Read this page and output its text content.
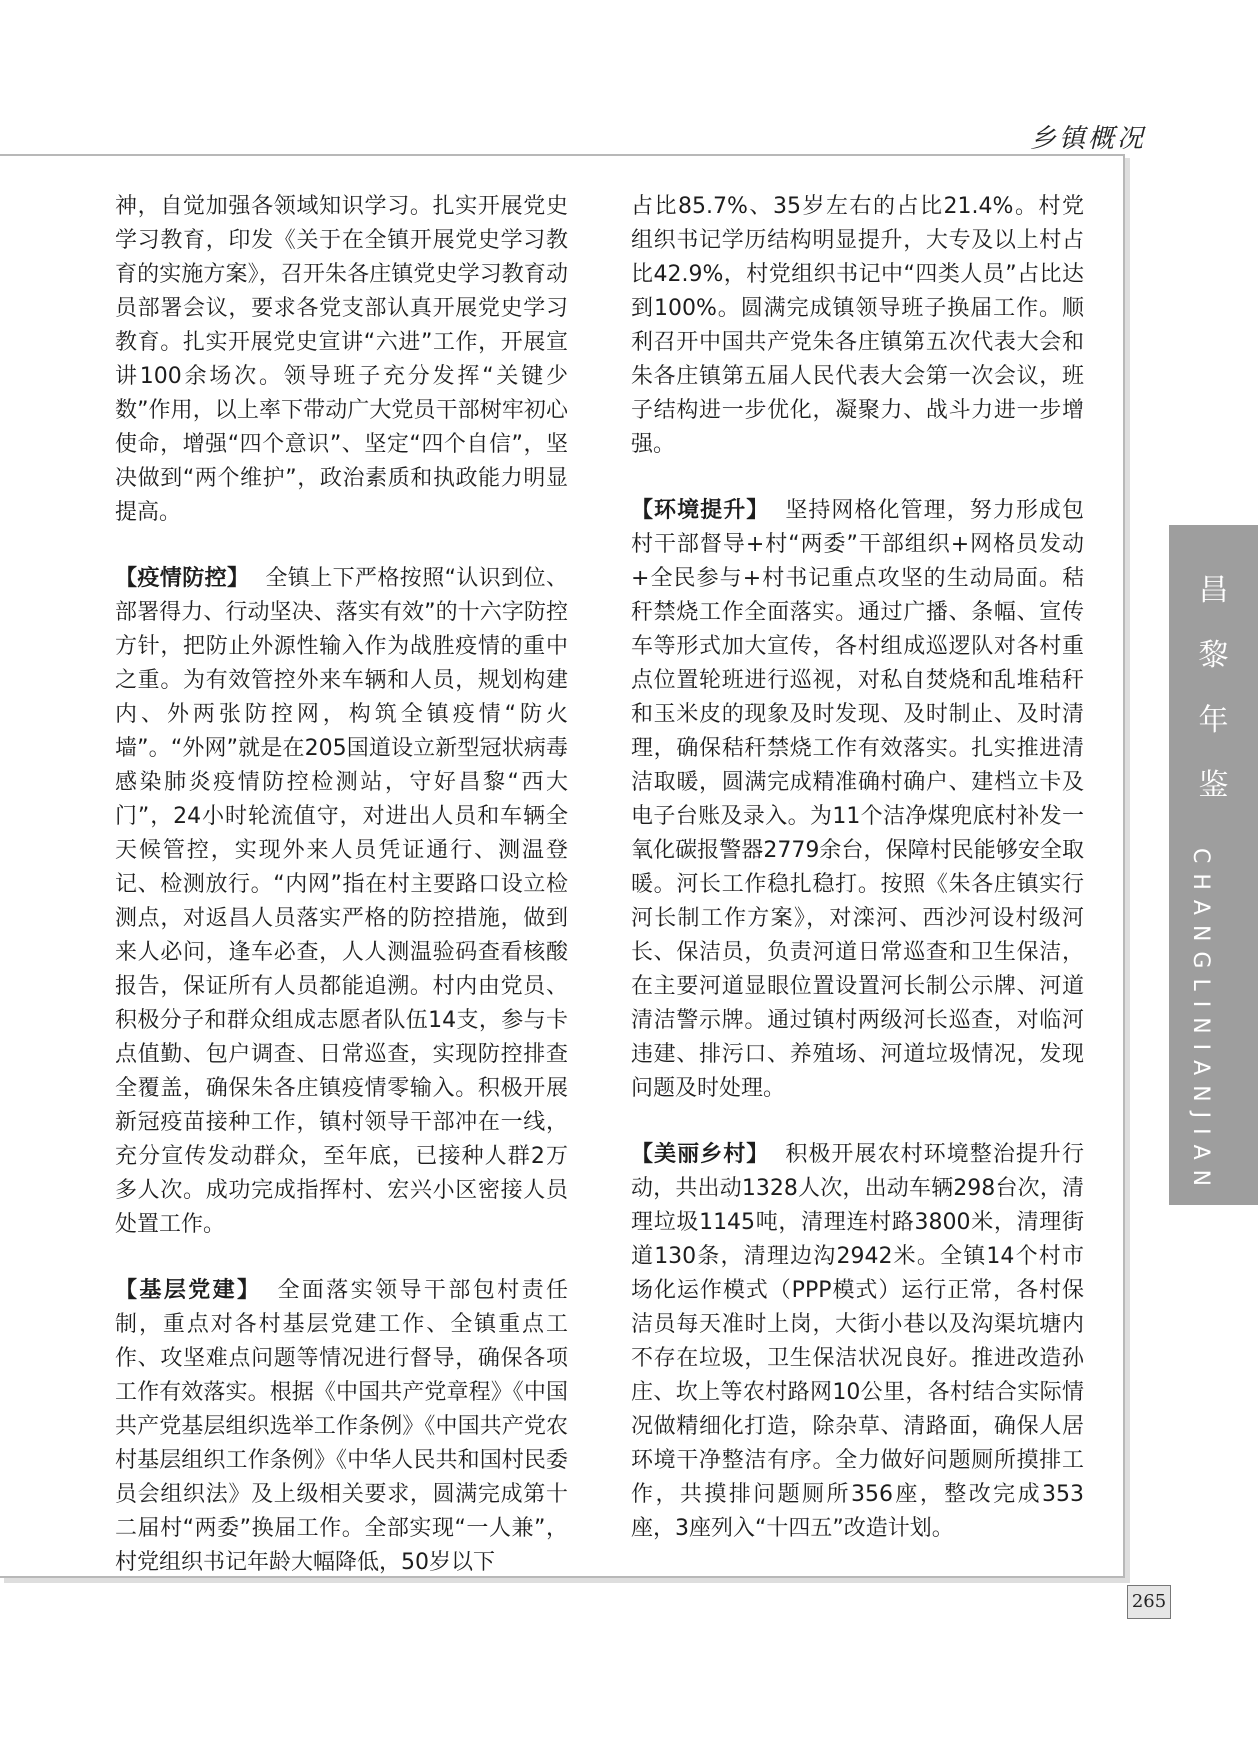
乡镇概况

神，自觉加强各领域知识学习。扎实开展党史学习教育，印发《关于在全镇开展党史学习教育的实施方案》，召开朱各庄镇党史学习教育动员部署会议，要求各党支部认真开展党史学习教育。扎实开展党史宣讲“六进”工作，开展宣讲100余场次。领导班子充分发挥“关键少数”作用，以上率下带动广大党员干部树牢初心使命，增强“四个意识”、坚定“四个自信”，坚决做到“两个维护”，政治素质和执政能力明显提高。

【疫情防控】 全镇上下严格按照“认识到位、部署得力、行动坚决、落实有效”的十六字防控方针，把防止外源性输入作为战胜疫情的重中之重。为有效管控外来车辆和人员，规划构建内、外两张防控网，构筑全镇疫情“防火墙”。“外网”就是在205国道设立新型冠状病毒感染肺炎疫情防控检测站，守好昌黎“西大门”，24小时轮流值守，对进出人员和车辆全天候管控，实现外来人员凭证通行、测温登记、检测放行。“内网”指在村主要路口设立检测点，对返昌人员落实严格的防控措施，做到来人必问，逢车必查，人人测温验码查看核酸报告，保证所有人员都能追溯。村内由党员、积极分子和群众组成志愿者队伍14支，参与卡点值勤、包户调查、日常巡查，实现防控排查全覆盖，确保朱各庄镇疫情零输入。积极开展新冠疫苗接种工作，镇村领导干部冲在一线，充分宣传发动群众，至年底，已接种人群2万多人次。成功完成指挥村、宏兴小区密接人员处置工作。

【基层党建】 全面落实领导干部包村责任制，重点对各村基层党建工作、全镇重点工作、攻坚难点问题等情况进行督导，确保各项工作有效落实。根据《中国共产党章程》《中国共产党基层组织选举工作条例》《中国共产党农村基层组织工作条例》《中华人民共和国村民委员会组织法》及上级相关要求，圆满完成第十二届村“两委”换届工作。全部实现“一人兼”，村党组织书记年龄大幅降低，50岁以下

占比85.7%、35岁左右的占比21.4%。村党组织书记学历结构明显提升，大专及以上村占比42.9%，村党组织书记中“四类人员”占比达到100%。圆满完成镇领导班子换届工作。顺利召开中国共产党朱各庄镇第五次代表大会和朱各庄镇第五届人民代表大会第一次会议，班子结构进一步优化，凝聚力、战斗力进一步增强。

【环境提升】 坚持网格化管理，努力形成包村干部督导+村“两委”干部组织+网格员发动+全民参与+村书记重点攻坚的生动局面。秸秆禁烧工作全面落实。通过广播、条幅、宣传车等形式加大宣传，各村组成巡逻队对各村重点位置轮班进行巡视，对私自焚烧和乱堆秸秆和玉米皮的现象及时发现、及时制止、及时清理，确保秸秆禁烧工作有效落实。扎实推进清洁取暖，圆满完成精准确村确户、建档立卡及电子台账及录入。为11个洁净煤兜底村补发一氧化碳报警器2779余台，保障村民能够安全取暖。河长工作稳扎稳打。按照《朱各庄镇实行河长制工作方案》，对滦河、西沙河设村级河长、保洁员，负责河道日常巡查和卫生保洁，在主要河道显眼位置设置河长制公示牌、河道清洁警示牌。通过镇村两级河长巡查，对临河违建、排污口、养殖场、河道垃圾情况，发现问题及时处理。

【美丽乡村】 积极开展农村环境整治提升行动，共出动1328人次，出动车辆298台次，清理垃圾1145吨，清理连村路3800米，清理街道130条，清理边沟2942米。全镇14个村市场化运作模式（PPP模式）运行正常，各村保洁员每天准时上岗，大街小巷以及沟渠坑塘内不存在垃圾，卫生保洁状况良好。推进改造孙庄、坎上等农村路网10公里，各村结合实际情况做精细化打造，除杂草、清路面，确保人居环境干净整洁有序。全力做好问题厕所摸排工作，共摸排问题厕所356座，整改完成353座，3座列入“十四五”改造计划。

昌
黎
年
鉴
CHANGLINIANJIAN
265
